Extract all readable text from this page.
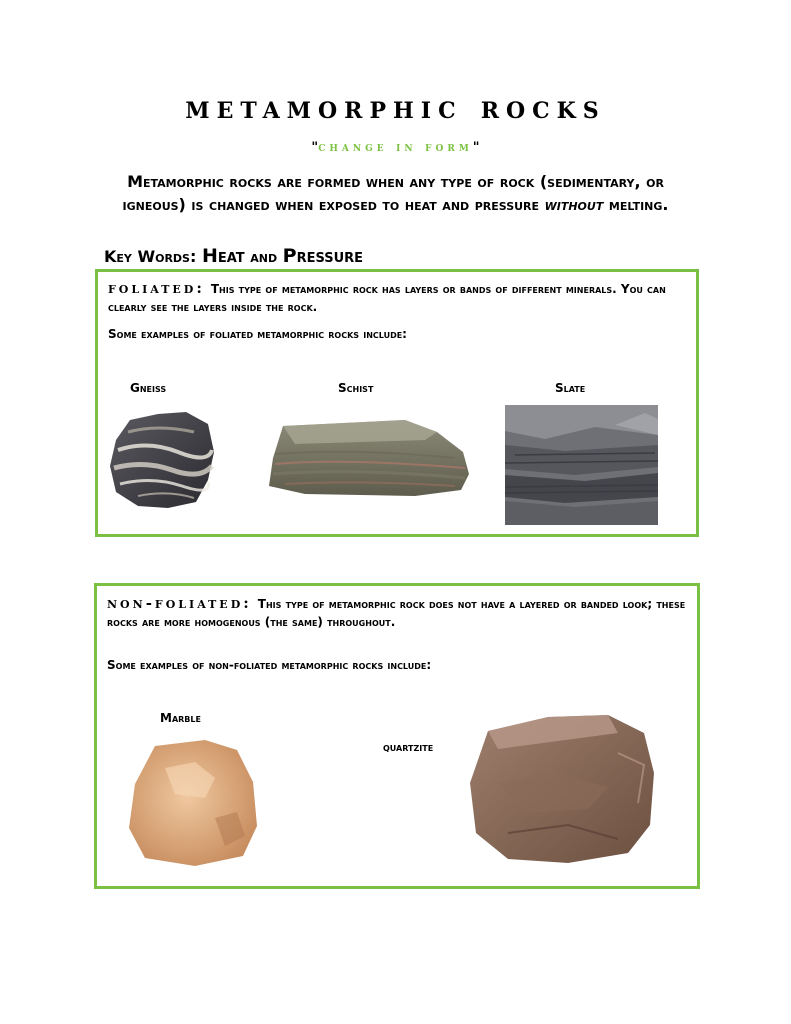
metamorphic rocks
"change in form"
Metamorphic rocks are formed when any type of rock (sedimentary, or igneous) is changed when exposed to heat and pressure without melting.
Key Words: Heat and Pressure
foliated: This type of metamorphic rock has layers or bands of different minerals. You can clearly see the layers inside the rock.
Some examples of foliated metamorphic rocks include:
Gneiss	Schist	Slate
non-foliated: This type of metamorphic rock does not have a layered or banded look; these rocks are more homogenous (the same) throughout.
Some examples of non-foliated metamorphic rocks include:
Marble
quartzite
